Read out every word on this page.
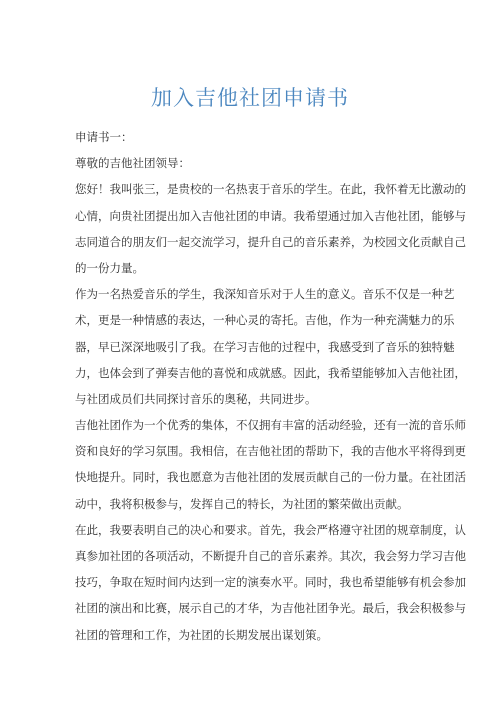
加入吉他社团申请书
申请书一：
尊敬的吉他社团领导：
您好！我叫张三，是贵校的一名热衷于音乐的学生。在此，我怀着无比激动的
心情，向贵社团提出加入吉他社团的申请。我希望通过加入吉他社团，能够与
志同道合的朋友们一起交流学习，提升自己的音乐素养，为校园文化贡献自己
的一份力量。
作为一名热爱音乐的学生，我深知音乐对于人生的意义。音乐不仅是一种艺
术，更是一种情感的表达，一种心灵的寄托。吉他，作为一种充满魅力的乐
器，早已深深地吸引了我。在学习吉他的过程中，我感受到了音乐的独特魅
力，也体会到了弹奏吉他的喜悦和成就感。因此，我希望能够加入吉他社团，
与社团成员们共同探讨音乐的奥秘，共同进步。
吉他社团作为一个优秀的集体，不仅拥有丰富的活动经验，还有一流的音乐师
资和良好的学习氛围。我相信，在吉他社团的帮助下，我的吉他水平将得到更
快地提升。同时，我也愿意为吉他社团的发展贡献自己的一份力量。在社团活
动中，我将积极参与，发挥自己的特长，为社团的繁荣做出贡献。
在此，我要表明自己的决心和要求。首先，我会严格遵守社团的规章制度，认
真参加社团的各项活动，不断提升自己的音乐素养。其次，我会努力学习吉他
技巧，争取在短时间内达到一定的演奏水平。同时，我也希望能够有机会参加
社团的演出和比赛，展示自己的才华，为吉他社团争光。最后，我会积极参与
社团的管理和工作，为社团的长期发展出谋划策。
